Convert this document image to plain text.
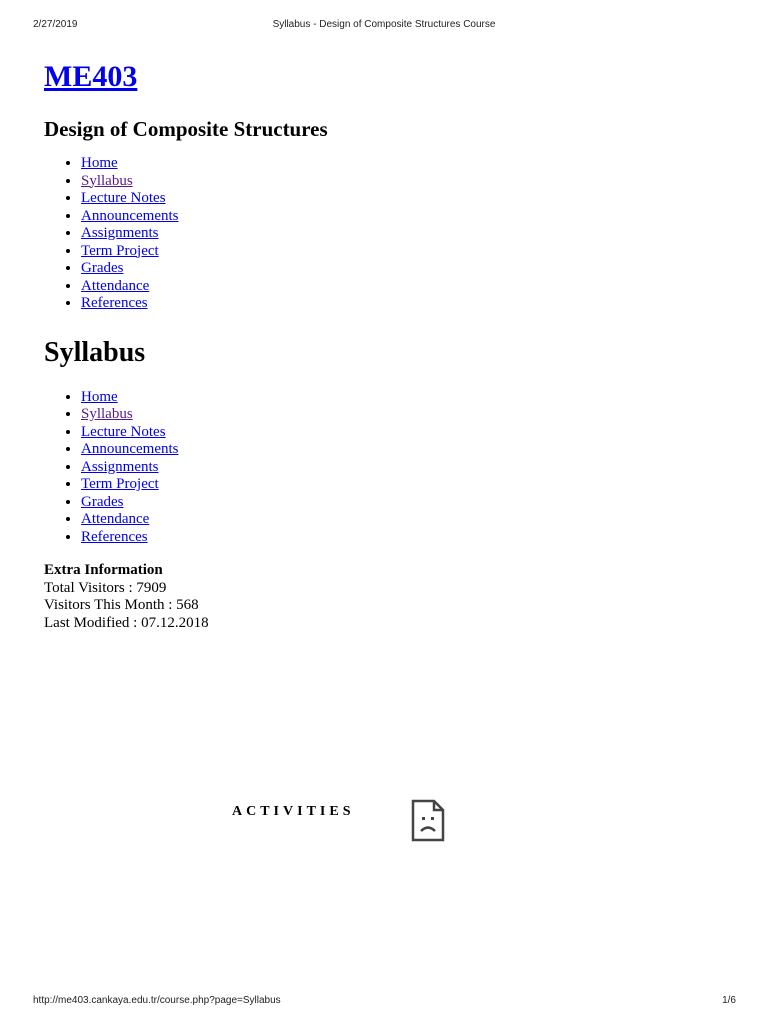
2/27/2019	Syllabus - Design of Composite Structures Course
ME403
Design of Composite Structures
• Home
• Syllabus
• Lecture Notes
• Announcements
• Assignments
• Term Project
• Grades
• Attendance
• References
Syllabus
• Home
• Syllabus
• Lecture Notes
• Announcements
• Assignments
• Term Project
• Grades
• Attendance
• References
Extra Information
Total Visitors : 7909
Visitors This Month : 568
Last Modified : 07.12.2018
ACTIVITIES
http://me403.cankaya.edu.tr/course.php?page=Syllabus	1/6
